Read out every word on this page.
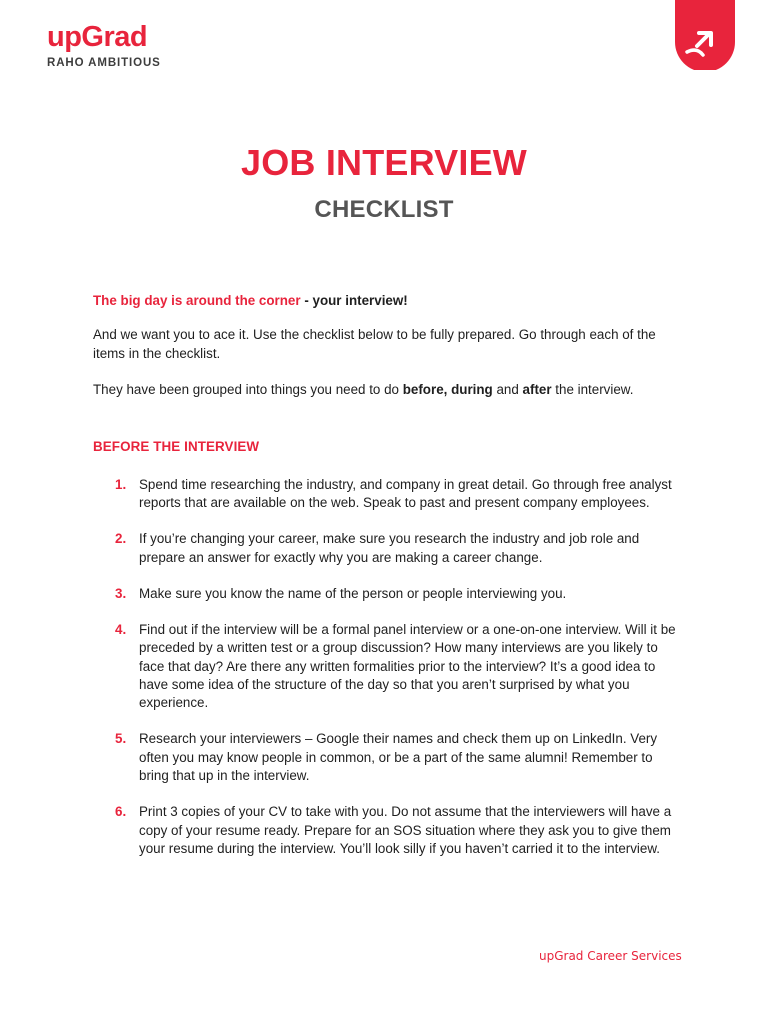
upGrad
RAHO AMBITIOUS
JOB INTERVIEW
CHECKLIST

The big day is around the corner - your interview!

And we want you to ace it. Use the checklist below to be fully prepared. Go through each of the items in the checklist.

They have been grouped into things you need to do before, during and after the interview.

BEFORE THE INTERVIEW
1. Spend time researching the industry, and company in great detail. Go through free analyst reports that are available on the web. Speak to past and present company employees.
2. If you’re changing your career, make sure you research the industry and job role and prepare an answer for exactly why you are making a career change.
3. Make sure you know the name of the person or people interviewing you.
4. Find out if the interview will be a formal panel interview or a one-on-one interview. Will it be preceded by a written test or a group discussion? How many interviews are you likely to face that day? Are there any written formalities prior to the interview? It’s a good idea to have some idea of the structure of the day so that you aren’t surprised by what you experience.
5. Research your interviewers – Google their names and check them up on LinkedIn. Very often you may know people in common, or be a part of the same alumni! Remember to bring that up in the interview.
6. Print 3 copies of your CV to take with you. Do not assume that the interviewers will have a copy of your resume ready. Prepare for an SOS situation where they ask you to give them your resume during the interview. You’ll look silly if you haven’t carried it to the interview.
upGrad Career Services
